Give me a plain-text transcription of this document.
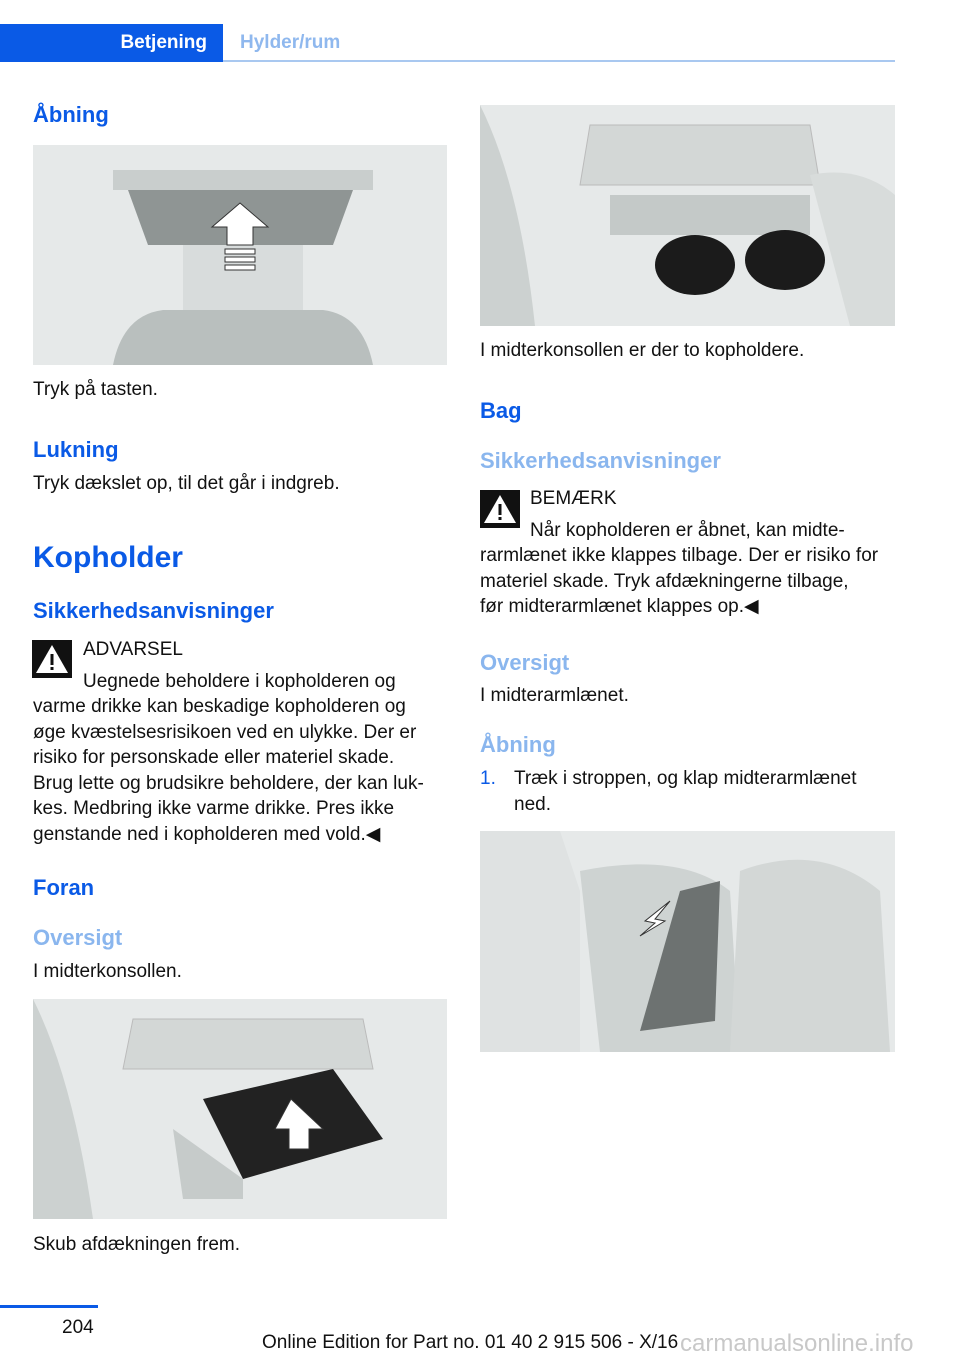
Betjening	Hylder/rum
Åbning
Tryk på tasten.
Lukning
Tryk dækslet op, til det går i indgreb.
Kopholder
Sikkerhedsanvisninger
ADVARSEL
Uegnede beholdere i kopholderen og
varme drikke kan beskadige kopholderen og
øge kvæstelsesrisikoen ved en ulykke. Der er
risiko for personskade eller materiel skade.
Brug lette og brudsikre beholdere, der kan luk-
kes. Medbring ikke varme drikke. Pres ikke
genstande ned i kopholderen med vold.◀
Foran
Oversigt
I midterkonsollen.
Skub afdækningen frem.
I midterkonsollen er der to kopholdere.
Bag
Sikkerhedsanvisninger
BEMÆRK
Når kopholderen er åbnet, kan midte-
rarmlænet ikke klappes tilbage. Der er risiko for
materiel skade. Tryk afdækningerne tilbage,
før midterarmlænet klappes op.◀
Oversigt
I midterarmlænet.
Åbning
1. Træk i stroppen, og klap midterarmlænet
ned.
204
Online Edition for Part no. 01 40 2 915 506 - X/16 carmanualsonline.info
